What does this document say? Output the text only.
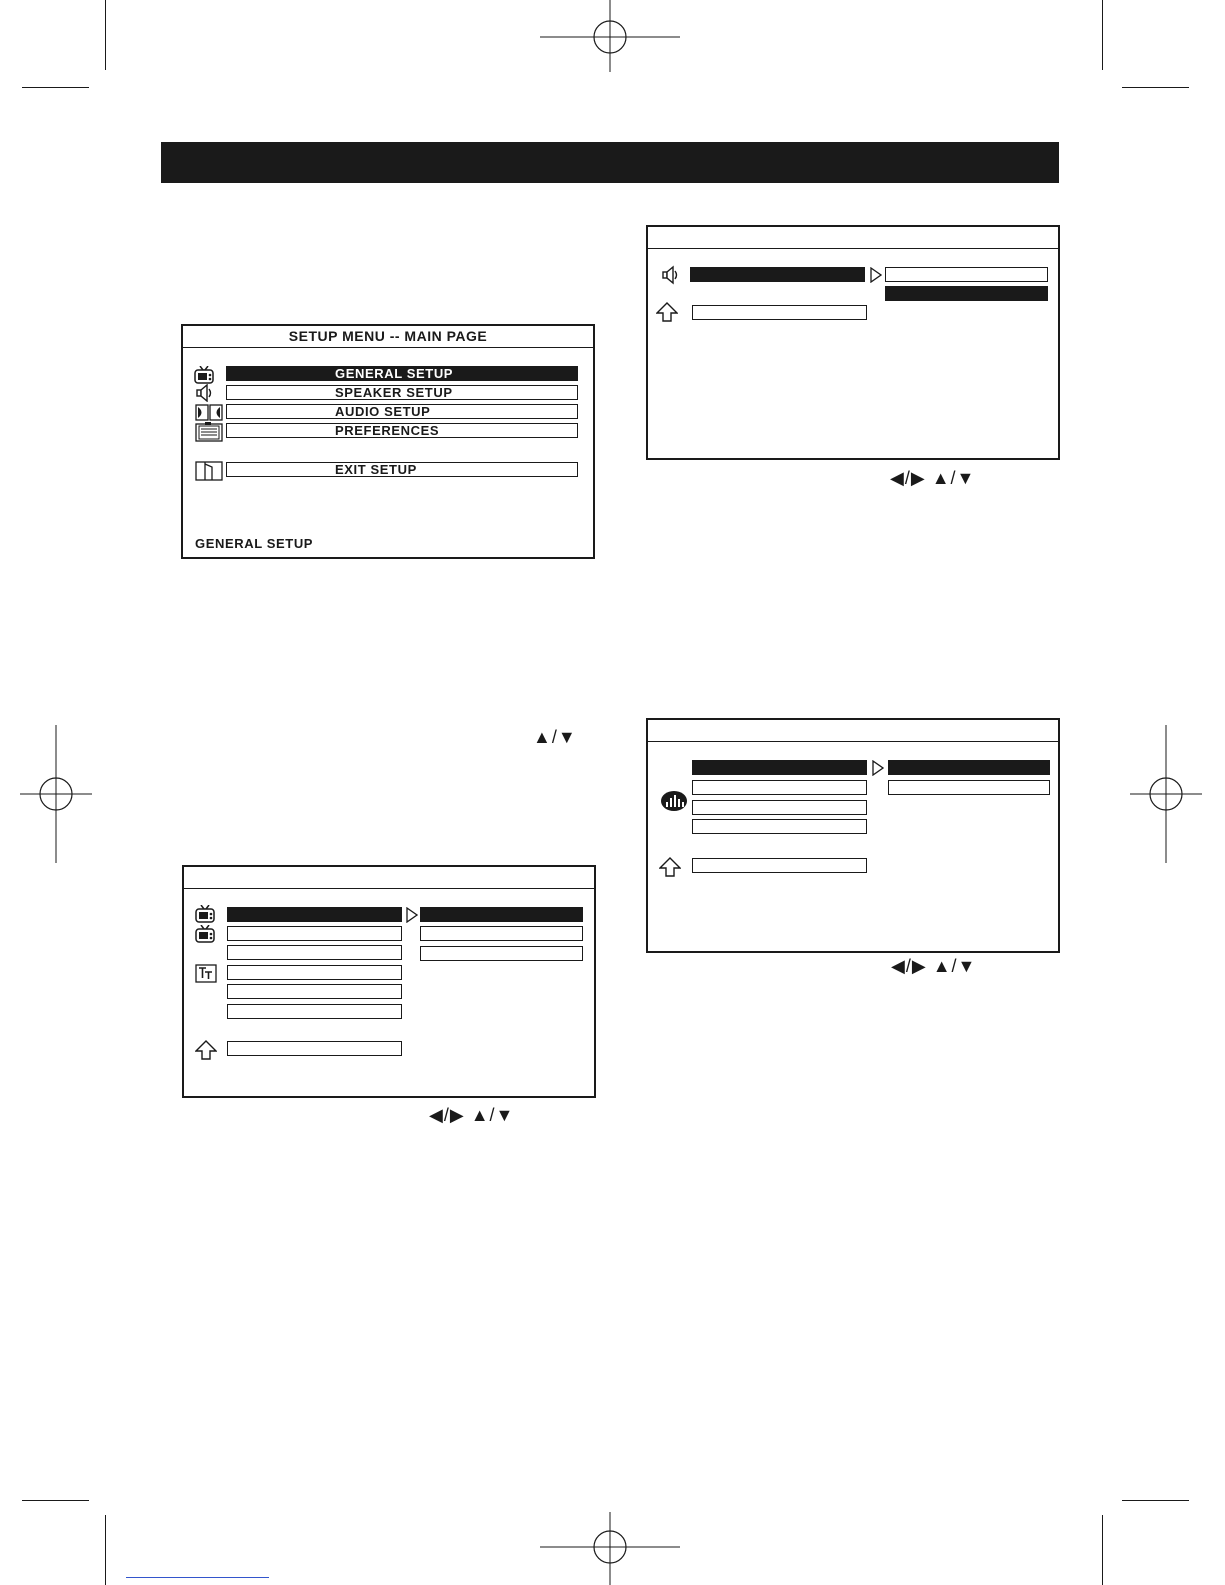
SETUP MENU -- MAIN PAGE
GENERAL SETUP
SPEAKER SETUP
AUDIO SETUP
PREFERENCES
EXIT SETUP
GENERAL SETUP
▲/▼
◀/▶ ▲/▼
◀/▶ ▲/▼
◀/▶ ▲/▼
